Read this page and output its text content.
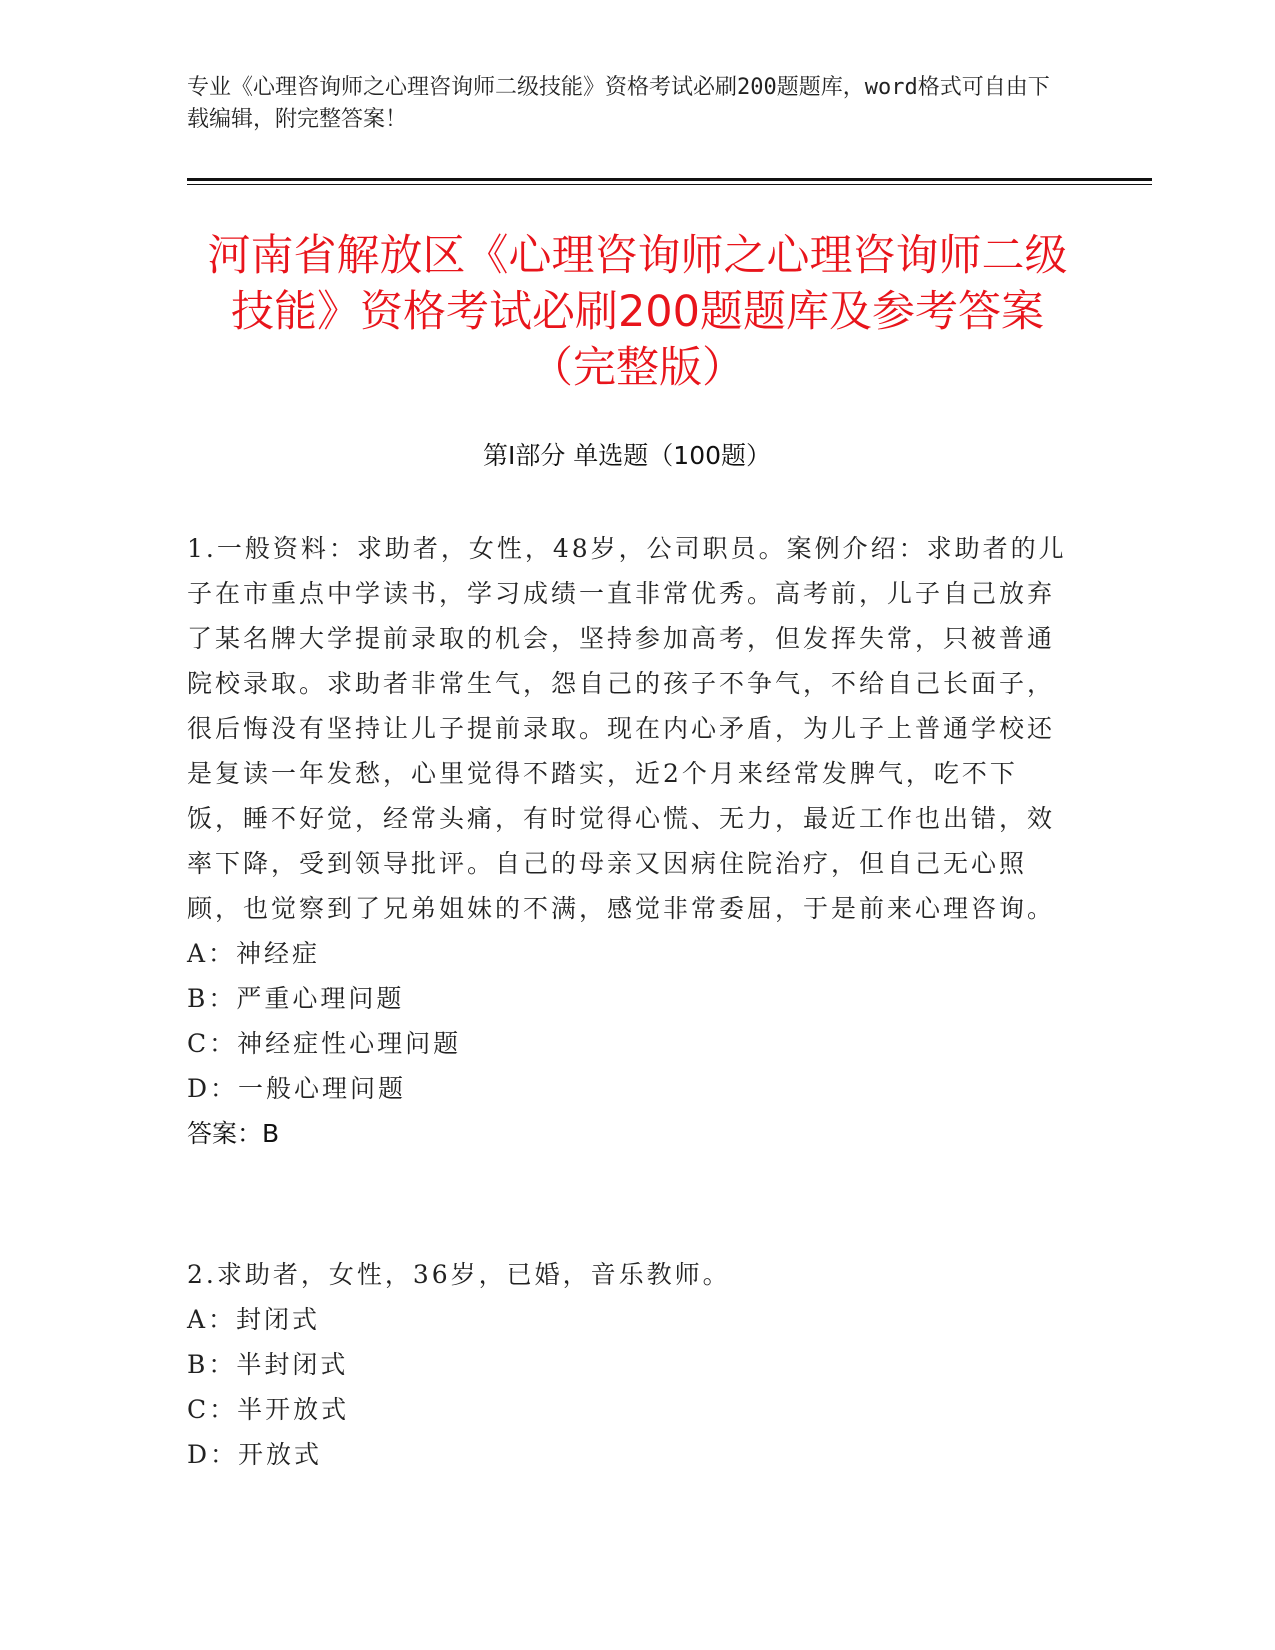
专业《心理咨询师之心理咨询师二级技能》资格考试必刷200题题库，word格式可自由下载编辑，附完整答案！
河南省解放区《心理咨询师之心理咨询师二级技能》资格考试必刷200题题库及参考答案（完整版）
第Ⅰ部分 单选题（100题）
1.一般资料：求助者，女性，48岁，公司职员。案例介绍：求助者的儿子在市重点中学读书，学习成绩一直非常优秀。高考前，儿子自己放弃了某名牌大学提前录取的机会，坚持参加高考，但发挥失常，只被普通院校录取。求助者非常生气，怨自己的孩子不争气，不给自己长面子，很后悔没有坚持让儿子提前录取。现在内心矛盾，为儿子上普通学校还是复读一年发愁，心里觉得不踏实，近2个月来经常发脾气，吃不下饭，睡不好觉，经常头痛，有时觉得心慌、无力，最近工作也出错，效率下降，受到领导批评。自己的母亲又因病住院治疗，但自己无心照顾，也觉察到了兄弟姐妹的不满，感觉非常委屈，于是前来心理咨询。
A：神经症
B：严重心理问题
C：神经症性心理问题
D：一般心理问题
答案：B
2.求助者，女性，36岁，已婚，音乐教师。
A：封闭式
B：半封闭式
C：半开放式
D：开放式
